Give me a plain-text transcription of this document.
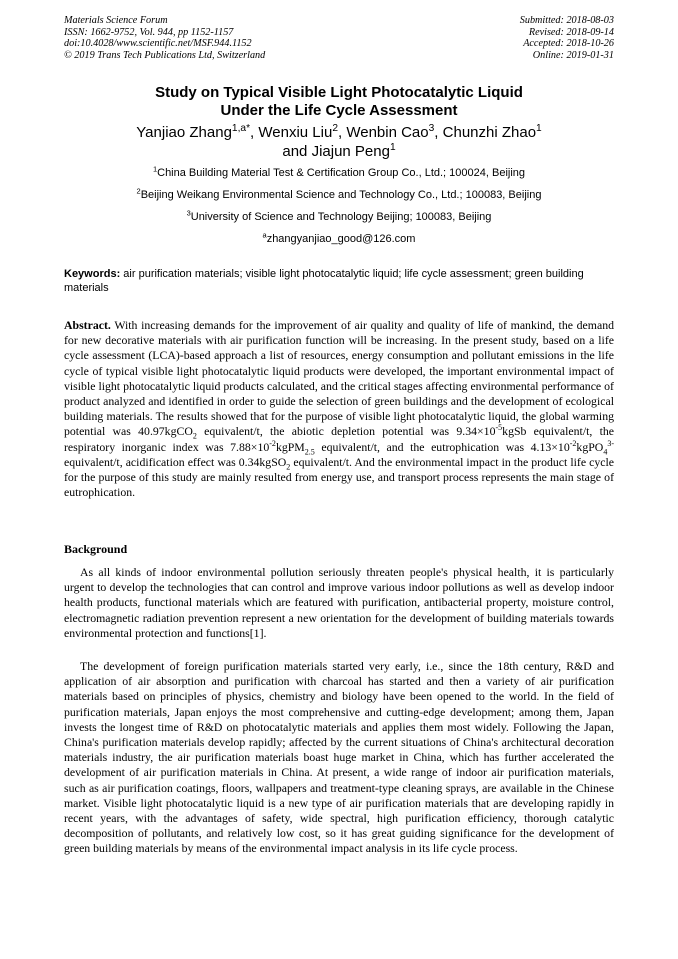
Materials Science Forum
ISSN: 1662-9752, Vol. 944, pp 1152-1157
doi:10.4028/www.scientific.net/MSF.944.1152
© 2019 Trans Tech Publications Ltd, Switzerland
Submitted: 2018-08-03
Revised: 2018-09-14
Accepted: 2018-10-26
Online: 2019-01-31
Study on Typical Visible Light Photocatalytic Liquid
Under the Life Cycle Assessment
Yanjiao Zhang$^{1,a*}$, Wenxiu Liu$^2$, Wenbin Cao$^3$, Chunzhi Zhao$^1$
and Jiajun Peng$^1$
$^1$China Building Material Test & Certification Group Co., Ltd.; 100024, Beijing
$^2$Beijing Weikang Environmental Science and Technology Co., Ltd.; 100083, Beijing
$^3$University of Science and Technology Beijing; 100083, Beijing
$^a$zhangyanjiao_good@126.com
Keywords: air purification materials; visible light photocatalytic liquid; life cycle assessment; green building materials
Abstract. With increasing demands for the improvement of air quality and quality of life of mankind, the demand for new decorative materials with air purification function will be increasing. In the present study, based on a life cycle assessment (LCA)-based approach a list of resources, energy consumption and pollutant emissions in the life cycle of typical visible light photocatalytic liquid products were developed, the important environmental impact of visible light photocatalytic liquid products calculated, and the critical stages affecting environmental performance of product analyzed and identified in order to guide the selection of green buildings and the development of ecological building materials. The results showed that for the purpose of visible light photocatalytic liquid, the global warming potential was 40.97kgCO$_2$ equivalent/t, the abiotic depletion potential was $9.34\times 10^{-5}kgSb$ equivalent/t, the respiratory inorganic index was $7.88\times 10^{-2}kgPM_{2.5}$ equivalent/t, and the eutrophication was $4.13\times 10^{-2}kgPO_4^{3-}equivalent/t$, acidification effect was 0.34kgSO$_2$ equivalent/t. And the environmental impact in the product life cycle for the purpose of this study are mainly resulted from energy use, and transport process represents the main stage of eutrophication.
Background
As all kinds of indoor environmental pollution seriously threaten people's physical health, it is particularly urgent to develop the technologies that can control and improve various indoor pollutions as well as develop indoor health products, functional materials which are featured with purification, antibacterial property, moisture control, electromagnetic radiation prevention represent a new orientation for the development of building materials towards environmental protection and functions[1].
The development of foreign purification materials started very early, i.e., since the 18th century, R&D and application of air absorption and purification with charcoal has started and then a variety of air purification materials based on principles of physics, chemistry and biology have been opened to the world. In the field of purification materials, Japan enjoys the most comprehensive and cutting-edge development; among them, Japan invests the longest time of R&D on photocatalytic materials and applies them most widely. Following the Japan, China's purification materials develop rapidly; affected by the current situations of China's architectural decoration materials industry, the air purification materials boast huge market in China, which has further accelerated the development of air purification materials in China. At present, a wide range of indoor air purification materials, such as air purification coatings, floors, wallpapers and treatment-type cleaning sprays, are available in the Chinese market. Visible light photocatalytic liquid is a new type of air purification materials that are developing rapidly in recent years, with the advantages of safety, wide spectral, high purification efficiency, thorough catalytic decomposition of pollutants, and relatively low cost, so it has great guiding significance for the development of green building materials by means of the environmental impact analysis in its life cycle process.
